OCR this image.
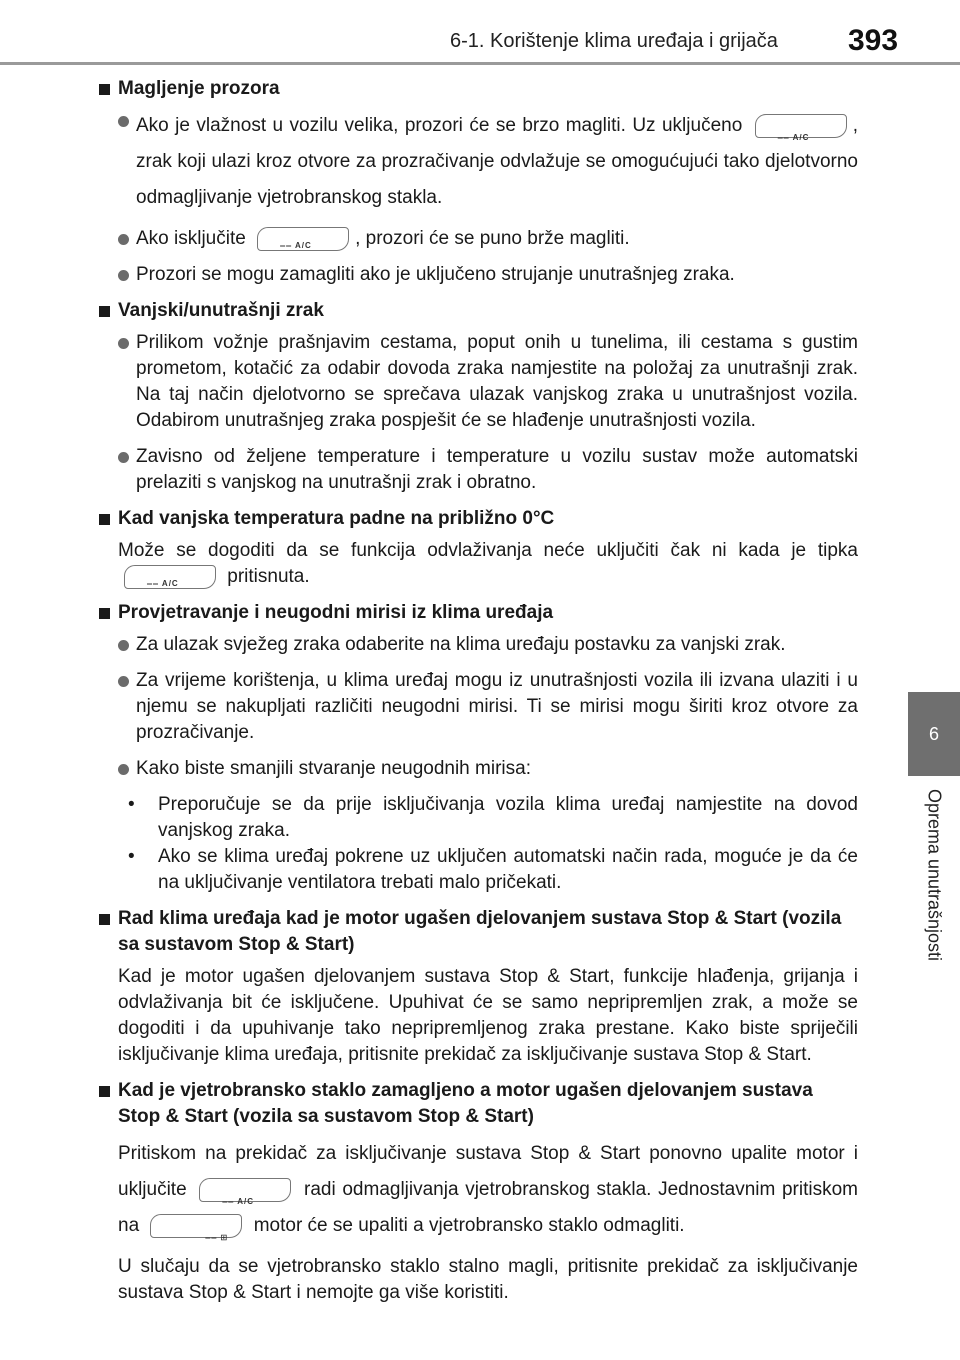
6-1. Korištenje klima uređaja i grijača 393
6
Oprema unutrašnjosti

Magljenje prozora

Ako je vlažnost u vozilu velika, prozori će se brzo magliti. Uz uključeno
══ A/C
, zrak koji ulazi kroz otvore za prozračivanje odvlažuje se omogućujući tako djelotvorno odmagljivanje vjetrobranskog stakla.

Ako isključite	══ A/C , prozori će se puno brže magliti.

Prozori se mogu zamagliti ako je uključeno strujanje unutrašnjeg zraka.

Vanjski/unutrašnji zrak

Prilikom vožnje prašnjavim cestama, poput onih u tunelima, ili cestama s gustim prometom, kotačić za odabir dovoda zraka namjestite na položaj za unutrašnji zrak. Na taj način djelotvorno se sprečava ulazak vanjskog zraka u unutrašnjost vozila. Odabirom unutrašnjeg zraka pospješit će se hlađenje unutrašnjosti vozila.

Zavisno od željene temperature i temperature u vozilu sustav može automatski prelaziti s vanjskog na unutrašnji zrak i obratno.

Kad vanjska temperatura padne na približno 0°C

Može se dogoditi da se funkcija odvlaživanja neće uključiti čak ni kada je tipka
══ A/C	pritisnuta.

Provjetravanje i neugodni mirisi iz klima uređaja

Za ulazak svježeg zraka odaberite na klima uređaju postavku za vanjski zrak.

Za vrijeme korištenja, u klima uređaj mogu iz unutrašnjosti vozila ili izvana ulaziti i u njemu se nakupljati različiti neugodni mirisi. Ti se mirisi mogu širiti kroz otvore za prozračivanje.

Kako biste smanjili stvaranje neugodnih mirisa:

• Preporučuje se da prije isključivanja vozila klima uređaj namjestite na dovod vanjskog zraka.

• Ako se klima uređaj pokrene uz uključen automatski način rada, moguće je da će na uključivanje ventilatora trebati malo pričekati.

Rad klima uređaja kad je motor ugašen djelovanjem sustava Stop & Start (vozila sa sustavom Stop & Start)

Kad je motor ugašen djelovanjem sustava Stop & Start, funkcije hlađenja, grijanja i odvlaživanja bit će isključene. Upuhivat će se samo nepripremljen zrak, a može se dogoditi i da upuhivanje tako nepripremljenog zraka prestane. Kako biste spriječili isključivanje klima uređaja, pritisnite prekidač za isključivanje sustava Stop & Start.

Kad je vjetrobransko staklo zamagljeno a motor ugašen djelovanjem sustava Stop & Start (vozila sa sustavom Stop & Start)

Pritiskom na prekidač za isključivanje sustava Stop & Start ponovno upalite motor i uključite
══ A/C
radi odmagljivanja vjetrobranskog stakla. Jednostavnim pritiskom na
══ ⊞
motor će se upaliti a vjetrobransko staklo odmagliti.

U slučaju da se vjetrobransko staklo stalno magli, pritisnite prekidač za isključivanje sustava Stop & Start i nemojte ga više koristiti.
